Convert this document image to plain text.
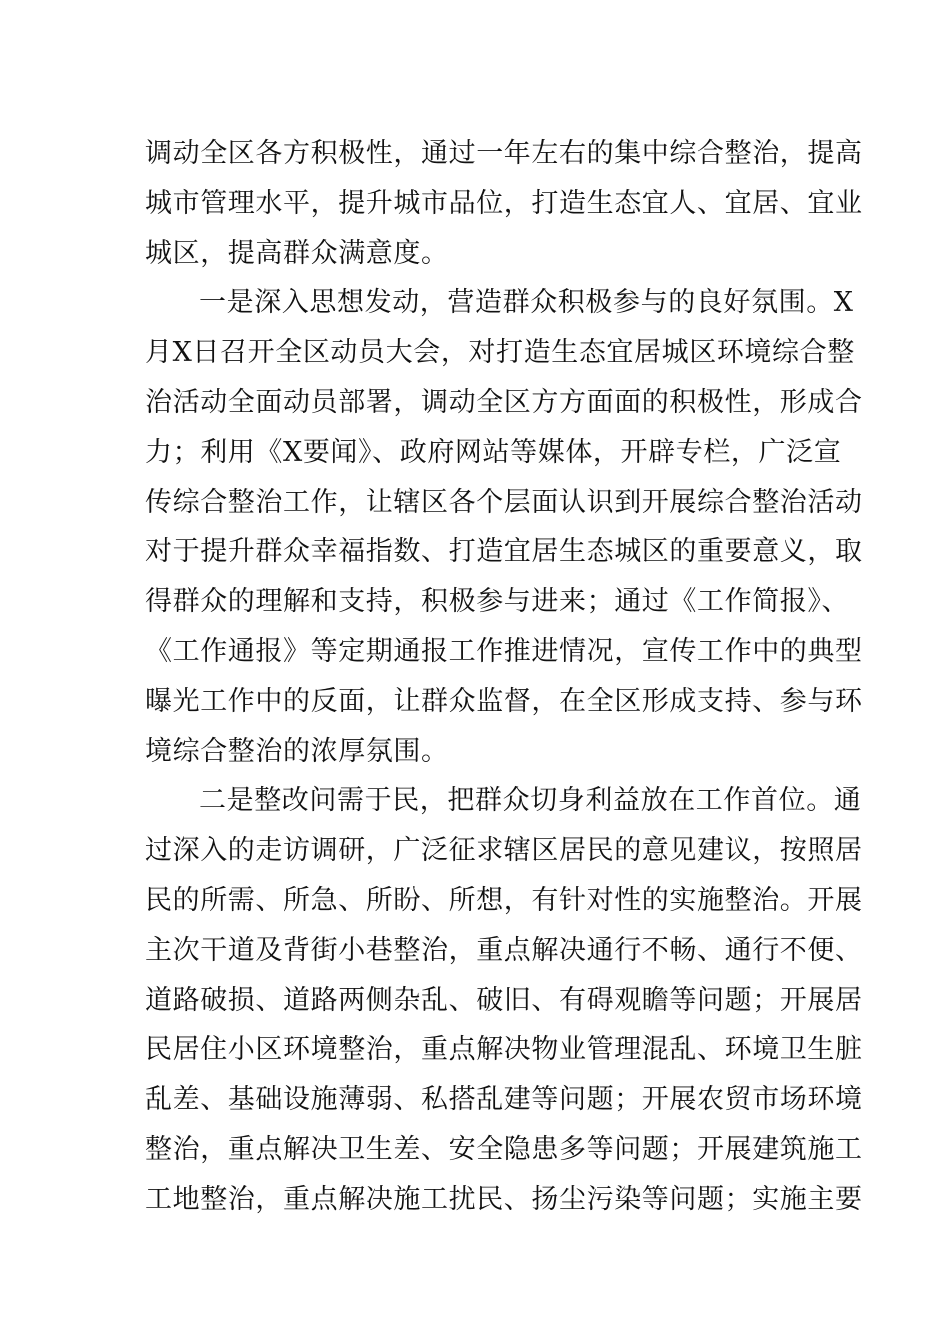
调动全区各方积极性，通过一年左右的集中综合整治，提高
城市管理水平，提升城市品位，打造生态宜人、宜居、宜业
城区，提高群众满意度。
一是深入思想发动，营造群众积极参与的良好氛围。X
月X日召开全区动员大会，对打造生态宜居城区环境综合整
治活动全面动员部署，调动全区方方面面的积极性，形成合
力；利用《X要闻》、政府网站等媒体，开辟专栏，广泛宣
传综合整治工作，让辖区各个层面认识到开展综合整治活动
对于提升群众幸福指数、打造宜居生态城区的重要意义，取
得群众的理解和支持，积极参与进来；通过《工作简报》、
《工作通报》等定期通报工作推进情况，宣传工作中的典型
曝光工作中的反面，让群众监督，在全区形成支持、参与环
境综合整治的浓厚氛围。
二是整改问需于民，把群众切身利益放在工作首位。通
过深入的走访调研，广泛征求辖区居民的意见建议，按照居
民的所需、所急、所盼、所想，有针对性的实施整治。开展
主次干道及背街小巷整治，重点解决通行不畅、通行不便、
道路破损、道路两侧杂乱、破旧、有碍观瞻等问题；开展居
民居住小区环境整治，重点解决物业管理混乱、环境卫生脏
乱差、基础设施薄弱、私搭乱建等问题；开展农贸市场环境
整治，重点解决卫生差、安全隐患多等问题；开展建筑施工
工地整治，重点解决施工扰民、扬尘污染等问题；实施主要
